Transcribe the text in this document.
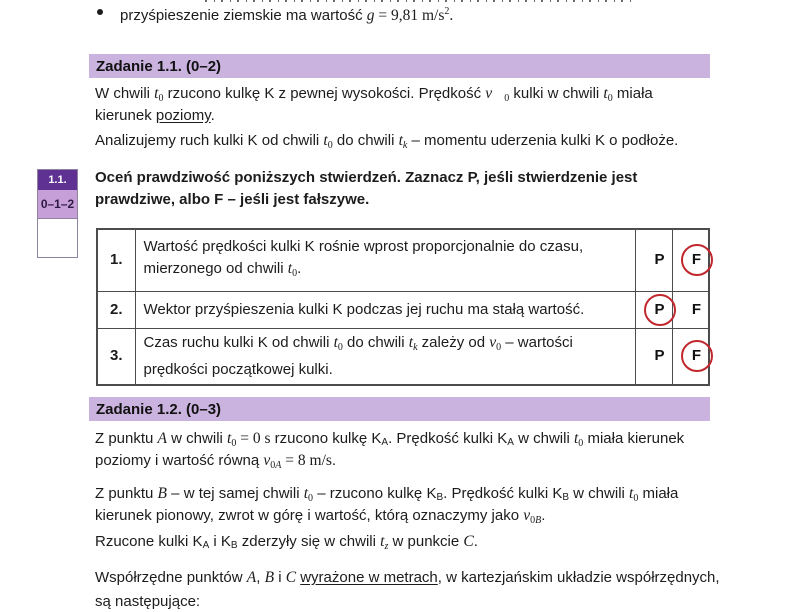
przyśpieszenie ziemskie ma wartość g = 9,81 $m/s^2$.
Zadanie 1.1. (0–2)
W chwili $t_0$ rzucono kulkę K z pewnej wysokości. Prędkość $v⃗_0$ kulki w chwili $t_0$ miała
kierunek poziomy.
Analizujemy ruch kulki K od chwili $t_0$ do chwili $t_k$ – momentu uderzenia kulki K o podłoże.
1.1.
0–1–2
Oceń prawdziwość poniższych stwierdzeń. Zaznacz P, jeśli stwierdzenie jest
prawdziwe, albo F – jeśli jest fałszywe.
1.	Wartość prędkości kulki K rośnie wprost proporcjonalnie do czasu,
mierzonego od chwili $t_0$.	P	F
2.	Wektor przyśpieszenia kulki K podczas jej ruchu ma stałą wartość.	P	F
3.	Czas ruchu kulki K od chwili $t_0$ do chwili $t_k$ zależy od $v_0$ – wartości
prędkości początkowej kulki.	P	F
Zadanie 1.2. (0–3)
Z punktu A w chwili $t_0 = 0$ s rzucono kulkę KA. Prędkość kulki KA w chwili $t_0$ miała kierunek
poziomy i wartość równą $v_{0A} = 8$ m/s.
Z punktu B – w tej samej chwili $t_0$ – rzucono kulkę KB. Prędkość kulki KB w chwili $t_0$ miała
kierunek pionowy, zwrot w górę i wartość, którą oznaczymy jako $v_{0B}$.
Rzucone kulki KA i KB zderzyły się w chwili $t_z$ w punkcie C.
Współrzędne punktów A, B i C wyrażone w metrach, w kartezjańskim układzie współrzędnych,
są następujące:
